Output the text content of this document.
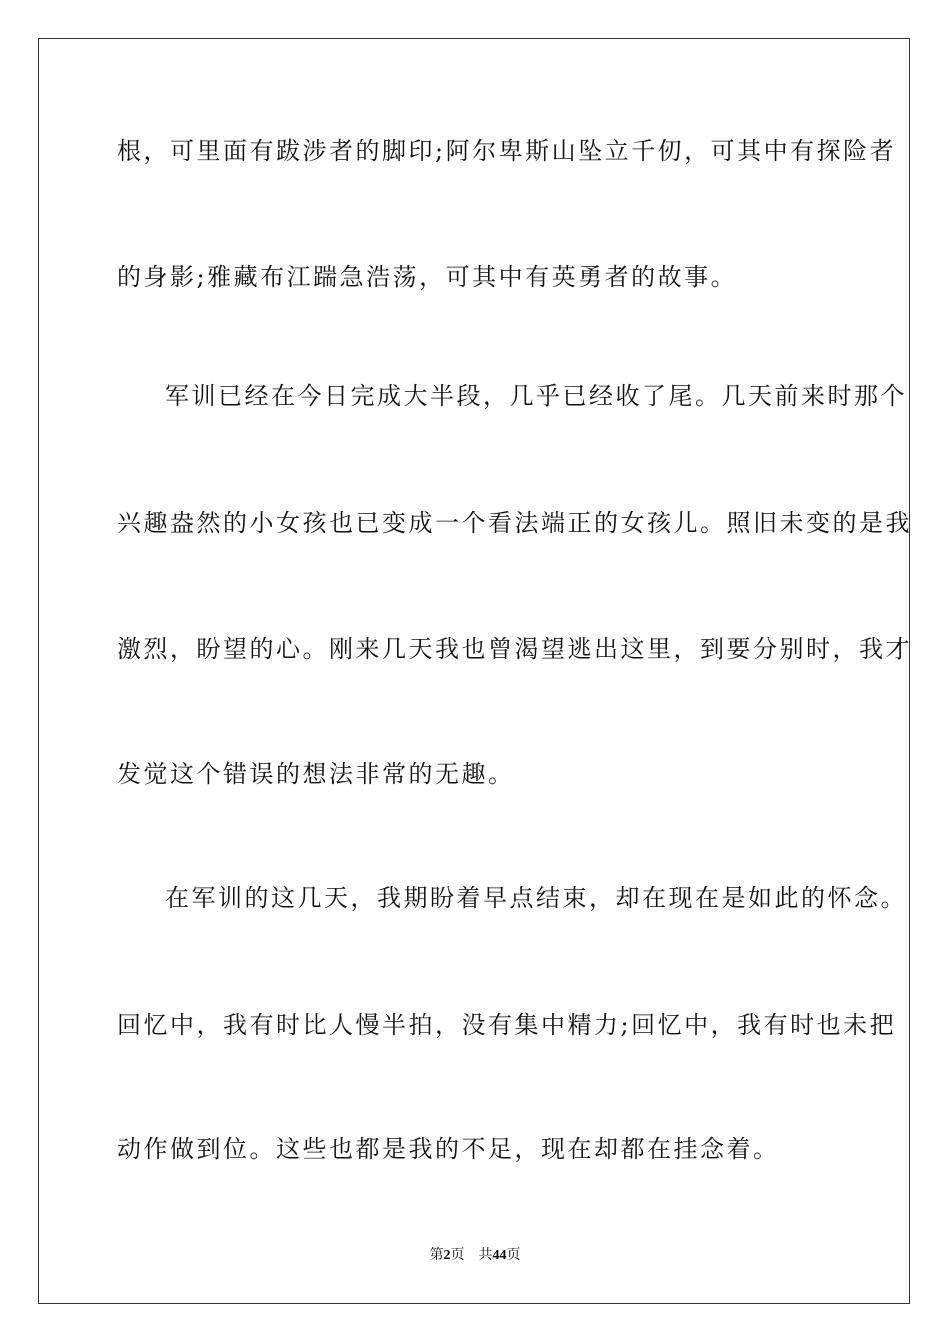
根，可里面有跋涉者的脚印;阿尔卑斯山坠立千仞，可其中有探险者
的身影;雅藏布江踹急浩荡，可其中有英勇者的故事。
军训已经在今日完成大半段，几乎已经收了尾。几天前来时那个
兴趣盎然的小女孩也已变成一个看法端正的女孩儿。照旧未变的是我
激烈，盼望的心。刚来几天我也曾渴望逃出这里，到要分别时，我才
发觉这个错误的想法非常的无趣。
在军训的这几天，我期盼着早点结束，却在现在是如此的怀念。
回忆中，我有时比人慢半拍，没有集中精力;回忆中，我有时也未把
动作做到位。这些也都是我的不足，现在却都在挂念着。
第2页 共44页
